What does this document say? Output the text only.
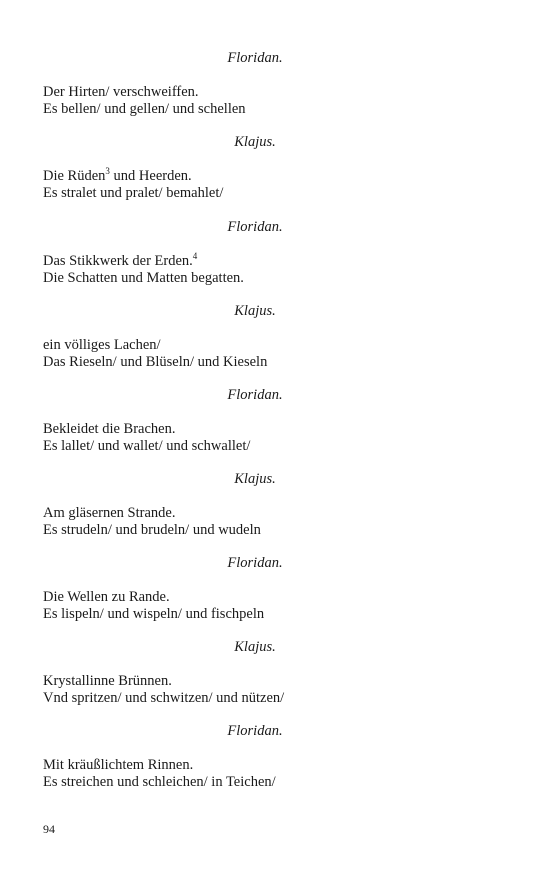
Floridan.

Der Hirten/ verschweiffen.
Es bellen/ und gellen/ und schellen

Klajus.

Die Rüden$^3$ und Heerden.
Es stralet und pralet/ bemahlet/

Floridan.

Das Stikkwerk der Erden.$^4$
Die Schatten und Matten begatten.

Klajus.

ein völliges Lachen/
Das Rieseln/ und Blüseln/ und Kieseln

Floridan.

Bekleidet die Brachen.
Es lallet/ und wallet/ und schwallet/

Klajus.

Am gläsernen Strande.
Es strudeln/ und brudeln/ und wudeln

Floridan.

Die Wellen zu Rande.
Es lispeln/ und wispeln/ und fischpeln

Klajus.

Krystallinne Brünnen.
Vnd spritzen/ und schwitzen/ und nützen/

Floridan.

Mit kräußlichtem Rinnen.
Es streichen und schleichen/ in Teichen/

94
